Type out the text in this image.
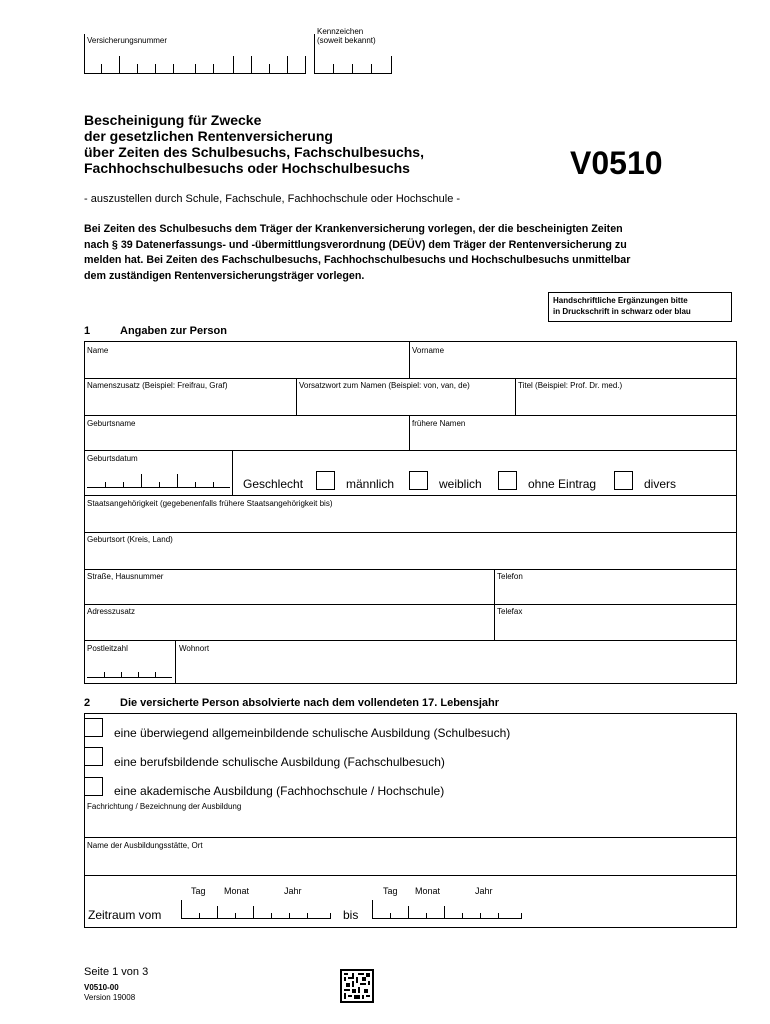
Versicherungsnummer
Kennzeichen
(soweit bekannt)
Bescheinigung für Zwecke
der gesetzlichen Rentenversicherung
über Zeiten des Schulbesuchs, Fachschulbesuchs,
Fachhochschulbesuchs oder Hochschulbesuchs	V0510
- auszustellen durch Schule, Fachschule, Fachhochschule oder Hochschule -
Bei Zeiten des Schulbesuchs dem Träger der Krankenversicherung vorlegen, der die bescheinigten Zeiten
nach § 39 Datenerfassungs- und -übermittlungsverordnung (DEÜV) dem Träger der Rentenversicherung zu
melden hat. Bei Zeiten des Fachschulbesuchs, Fachhochschulbesuchs und Hochschulbesuchs unmittelbar
dem zuständigen Rentenversicherungsträger vorlegen.
Handschriftliche Ergänzungen bitte
in Druckschrift in schwarz oder blau
1	Angaben zur Person
Name	Vorname
Namenszusatz (Beispiel: Freifrau, Graf)	Vorsatzwort zum Namen (Beispiel: von, van, de)	Titel (Beispiel: Prof. Dr. med.)
Geburtsname	frühere Namen
Geburtsdatum
Geschlecht	männlich	weiblich	ohne Eintrag	divers
Staatsangehörigkeit (gegebenenfalls frühere Staatsangehörigkeit bis)
Geburtsort (Kreis, Land)
Straße, Hausnummer	Telefon
Adresszusatz	Telefax
Postleitzahl	Wohnort
2	Die versicherte Person absolvierte nach dem vollendeten 17. Lebensjahr
eine überwiegend allgemeinbildende schulische Ausbildung (Schulbesuch)
eine berufsbildende schulische Ausbildung (Fachschulbesuch)
eine akademische Ausbildung (Fachhochschule / Hochschule)
Fachrichtung / Bezeichnung der Ausbildung
Name der Ausbildungsstätte, Ort
Tag Monat	Jahr
Zeitraum vom	bis
Tag Monat	Jahr
Seite 1 von 3
V0510-00
Version 19008
